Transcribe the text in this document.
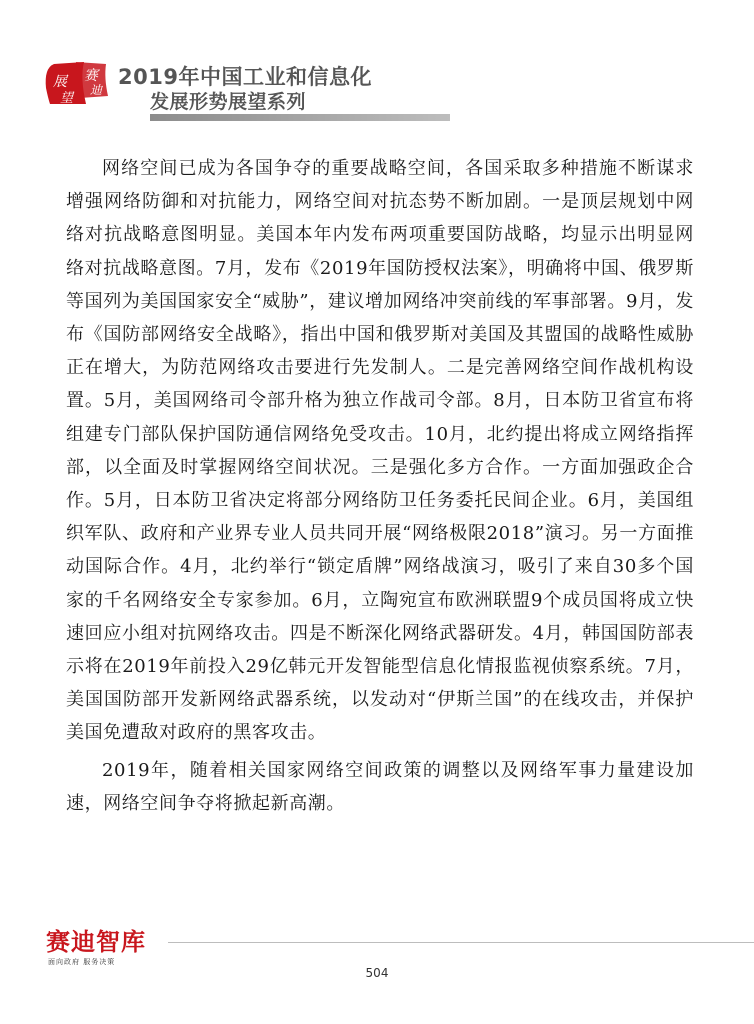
展 赛
望
迪
2019年中国工业和信息化
发展形势展望系列

网络空间已成为各国争夺的重要战略空间，各国采取多种措施不断谋求增强网络防御和对抗能力，网络空间对抗态势不断加剧。一是顶层规划中网络对抗战略意图明显。美国本年内发布两项重要国防战略，均显示出明显网络对抗战略意图。7月，发布《2019年国防授权法案》，明确将中国、俄罗斯等国列为美国国家安全“威胁”，建议增加网络冲突前线的军事部署。9月，发布《国防部网络安全战略》，指出中国和俄罗斯对美国及其盟国的战略性威胁正在增大，为防范网络攻击要进行先发制人。二是完善网络空间作战机构设置。5月，美国网络司令部升格为独立作战司令部。8月，日本防卫省宣布将组建专门部队保护国防通信网络免受攻击。10月，北约提出将成立网络指挥部，以全面及时掌握网络空间状况。三是强化多方合作。一方面加强政企合作。5月，日本防卫省决定将部分网络防卫任务委托民间企业。6月，美国组织军队、政府和产业界专业人员共同开展“网络极限2018”演习。另一方面推动国际合作。4月，北约举行“锁定盾牌”网络战演习，吸引了来自30多个国家的千名网络安全专家参加。6月，立陶宛宣布欧洲联盟9个成员国将成立快速回应小组对抗网络攻击。四是不断深化网络武器研发。4月，韩国国防部表示将在2019年前投入29亿韩元开发智能型信息化情报监视侦察系统。7月，美国国防部开发新网络武器系统，以发动对“伊斯兰国”的在线攻击，并保护美国免遭敌对政府的黑客攻击。

2019年，随着相关国家网络空间政策的调整以及网络军事力量建设加速，网络空间争夺将掀起新高潮。

赛迪智库
面向政府 服务决策
504
